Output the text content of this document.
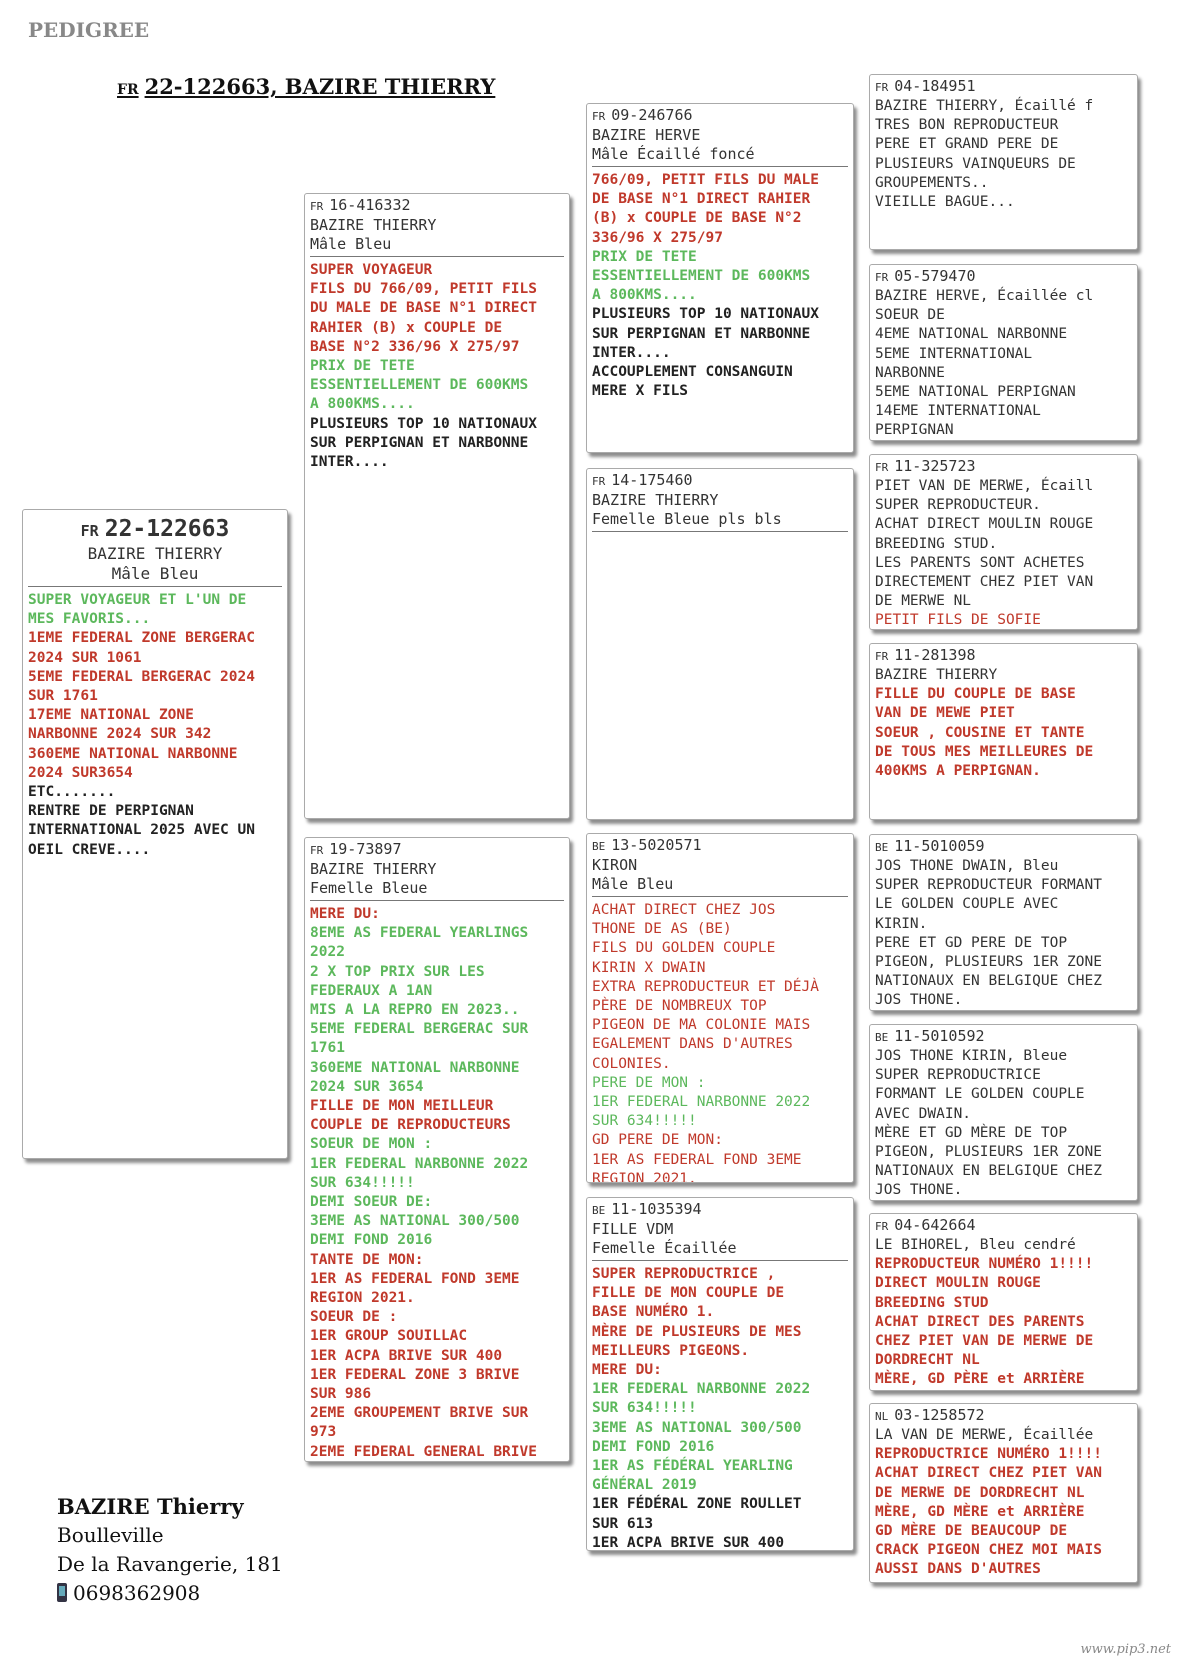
PEDIGREE
FR 22-122663, BAZIRE THIERRY
FR 22-122663
BAZIRE THIERRY
Mâle Bleu
SUPER VOYAGEUR ET L'UN DE
MES FAVORIS...
1EME FEDERAL ZONE BERGERAC
2024 SUR 1061
5EME FEDERAL BERGERAC 2024
SUR 1761
17EME NATIONAL ZONE
NARBONNE 2024 SUR 342
360EME NATIONAL NARBONNE
2024 SUR3654
ETC.......
RENTRE DE PERPIGNAN
INTERNATIONAL 2025 AVEC UN
OEIL CREVE....
FR 16-416332
BAZIRE THIERRY
Mâle Bleu
SUPER VOYAGEUR
FILS DU 766/09, PETIT FILS
DU MALE DE BASE N°1 DIRECT
RAHIER (B) x COUPLE DE
BASE N°2 336/96 X 275/97
PRIX DE TETE
ESSENTIELLEMENT DE 600KMS
A 800KMS....
PLUSIEURS TOP 10 NATIONAUX
SUR PERPIGNAN ET NARBONNE
INTER....
FR 19-73897
BAZIRE THIERRY
Femelle Bleue
MERE DU:
8EME AS FEDERAL YEARLINGS
2022
2 X TOP PRIX SUR LES
FEDERAUX A 1AN
MIS A LA REPRO EN 2023..
5EME FEDERAL BERGERAC SUR
1761
360EME NATIONAL NARBONNE
2024 SUR 3654
FILLE DE MON MEILLEUR
COUPLE DE REPRODUCTEURS
SOEUR DE MON :
1ER FEDERAL NARBONNE 2022
SUR 634!!!!!
DEMI SOEUR DE:
3EME AS NATIONAL 300/500
DEMI FOND 2016
TANTE DE MON:
1ER AS FEDERAL FOND 3EME
REGION 2021.
SOEUR DE :
1ER GROUP SOUILLAC
1ER ACPA BRIVE SUR 400
1ER FEDERAL ZONE 3 BRIVE
SUR 986
2EME GROUPEMENT BRIVE SUR
973
2EME FEDERAL GENERAL BRIVE
FR 09-246766
BAZIRE HERVE
Mâle Écaillé foncé
766/09, PETIT FILS DU MALE
DE BASE N°1 DIRECT RAHIER
(B) x COUPLE DE BASE N°2
336/96 X 275/97
PRIX DE TETE
ESSENTIELLEMENT DE 600KMS
A 800KMS....
PLUSIEURS TOP 10 NATIONAUX
SUR PERPIGNAN ET NARBONNE
INTER....
ACCOUPLEMENT CONSANGUIN
MERE X FILS
FR 14-175460
BAZIRE THIERRY
Femelle Bleue pls bls
BE 13-5020571
KIRON
Mâle Bleu
ACHAT DIRECT CHEZ JOS
THONE DE AS (BE)
FILS DU GOLDEN COUPLE
KIRIN X DWAIN
EXTRA REPRODUCTEUR ET DÉJÀ
PÈRE DE NOMBREUX TOP
PIGEON DE MA COLONIE MAIS
EGALEMENT DANS D'AUTRES
COLONIES.
PERE DE MON :
1ER FEDERAL NARBONNE 2022
SUR 634!!!!!
GD PERE DE MON:
1ER AS FEDERAL FOND 3EME
REGION 2021.
BE 11-1035394
FILLE VDM
Femelle Écaillée
SUPER REPRODUCTRICE ,
FILLE DE MON COUPLE DE
BASE NUMÉRO 1.
MÈRE DE PLUSIEURS DE MES
MEILLEURS PIGEONS.
MERE DU:
1ER FEDERAL NARBONNE 2022
SUR 634!!!!!
3EME AS NATIONAL 300/500
DEMI FOND 2016
1ER AS FÉDÉRAL YEARLING
GÉNÉRAL 2019
1ER FÉDÉRAL ZONE ROULLET
SUR 613
1ER ACPA BRIVE SUR 400
FR 04-184951
BAZIRE THIERRY, Écaillé f
TRES BON REPRODUCTEUR
PERE ET GRAND PERE DE
PLUSIEURS VAINQUEURS DE
GROUPEMENTS..
VIEILLE BAGUE...
FR 05-579470
BAZIRE HERVE, Écaillée cl
SOEUR DE
4EME NATIONAL NARBONNE
5EME INTERNATIONAL
NARBONNE
5EME NATIONAL PERPIGNAN
14EME INTERNATIONAL
PERPIGNAN
FR 11-325723
PIET VAN DE MERWE, Écaill
SUPER REPRODUCTEUR.
ACHAT DIRECT MOULIN ROUGE
BREEDING STUD.
LES PARENTS SONT ACHETES
DIRECTEMENT CHEZ PIET VAN
DE MERWE NL
PETIT FILS DE SOFIE
FR 11-281398
BAZIRE THIERRY
FILLE DU COUPLE DE BASE
VAN DE MEWE PIET
SOEUR , COUSINE ET TANTE
DE TOUS MES MEILLEURES DE
400KMS A PERPIGNAN.
BE 11-5010059
JOS THONE DWAIN, Bleu
SUPER REPRODUCTEUR FORMANT
LE GOLDEN COUPLE AVEC
KIRIN.
PERE ET GD PERE DE TOP
PIGEON, PLUSIEURS 1ER ZONE
NATIONAUX EN BELGIQUE CHEZ
JOS THONE.
BE 11-5010592
JOS THONE KIRIN, Bleue
SUPER REPRODUCTRICE
FORMANT LE GOLDEN COUPLE
AVEC DWAIN.
MÈRE ET GD MÈRE DE TOP
PIGEON, PLUSIEURS 1ER ZONE
NATIONAUX EN BELGIQUE CHEZ
JOS THONE.
FR 04-642664
LE BIHOREL, Bleu cendré
REPRODUCTEUR NUMÉRO 1!!!!
DIRECT MOULIN ROUGE
BREEDING STUD
ACHAT DIRECT DES PARENTS
CHEZ PIET VAN DE MERWE DE
DORDRECHT NL
MÈRE, GD PÈRE et ARRIÈRE
NL 03-1258572
LA VAN DE MERWE, Écaillée
REPRODUCTRICE NUMÉRO 1!!!!
ACHAT DIRECT CHEZ PIET VAN
DE MERWE DE DORDRECHT NL
MÈRE, GD MÈRE et ARRIÈRE
GD MÈRE DE BEAUCOUP DE
CRACK PIGEON CHEZ MOI MAIS
AUSSI DANS D'AUTRES
BAZIRE Thierry
Boulleville
De la Ravangerie, 181
0698362908
www.pip3.net
